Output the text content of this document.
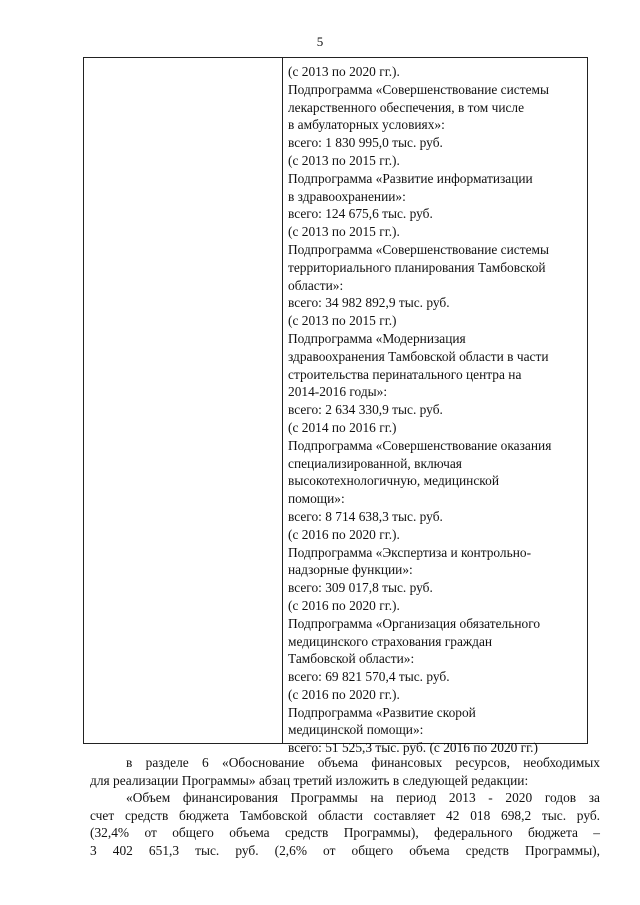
5
(с 2013 по 2020 гг.).
Подпрограмма «Совершенствование системы
лекарственного обеспечения, в том числе
в амбулаторных условиях»:
всего: 1 830 995,0 тыс. руб.
(с 2013 по 2015 гг.).
Подпрограмма «Развитие информатизации
в здравоохранении»:
всего: 124 675,6 тыс. руб.
(с 2013 по 2015 гг.).
Подпрограмма «Совершенствование системы
территориального планирования Тамбовской
области»:
всего: 34 982 892,9 тыс. руб.
(с 2013 по 2015 гг.)
Подпрограмма «Модернизация
здравоохранения Тамбовской области в части
строительства перинатального центра на
2014-2016 годы»:
всего: 2 634 330,9 тыс. руб.
(с 2014 по 2016 гг.)
Подпрограмма «Совершенствование оказания
специализированной, включая
высокотехнологичную, медицинской
помощи»:
всего: 8 714 638,3 тыс. руб.
(с 2016 по 2020 гг.).
Подпрограмма «Экспертиза и контрольно-
надзорные функции»:
всего: 309 017,8 тыс. руб.
(с 2016 по 2020 гг.).
Подпрограмма «Организация обязательного
медицинского страхования граждан
Тамбовской области»:
всего: 69 821 570,4 тыс. руб.
(с 2016 по 2020 гг.).
Подпрограмма «Развитие скорой
медицинской помощи»:
всего: 51 525,3 тыс. руб. (с 2016 по 2020 гг.)
в разделе 6 «Обоснование объема финансовых ресурсов, необходимых
для реализации Программы» абзац третий изложить в следующей редакции:
«Объем финансирования Программы на период 2013 - 2020 годов за
счет средств бюджета Тамбовской области составляет 42 018 698,2 тыс. руб.
(32,4% от общего объема средств Программы), федерального бюджета –
3 402 651,3 тыс. руб. (2,6% от общего объема средств Программы),
